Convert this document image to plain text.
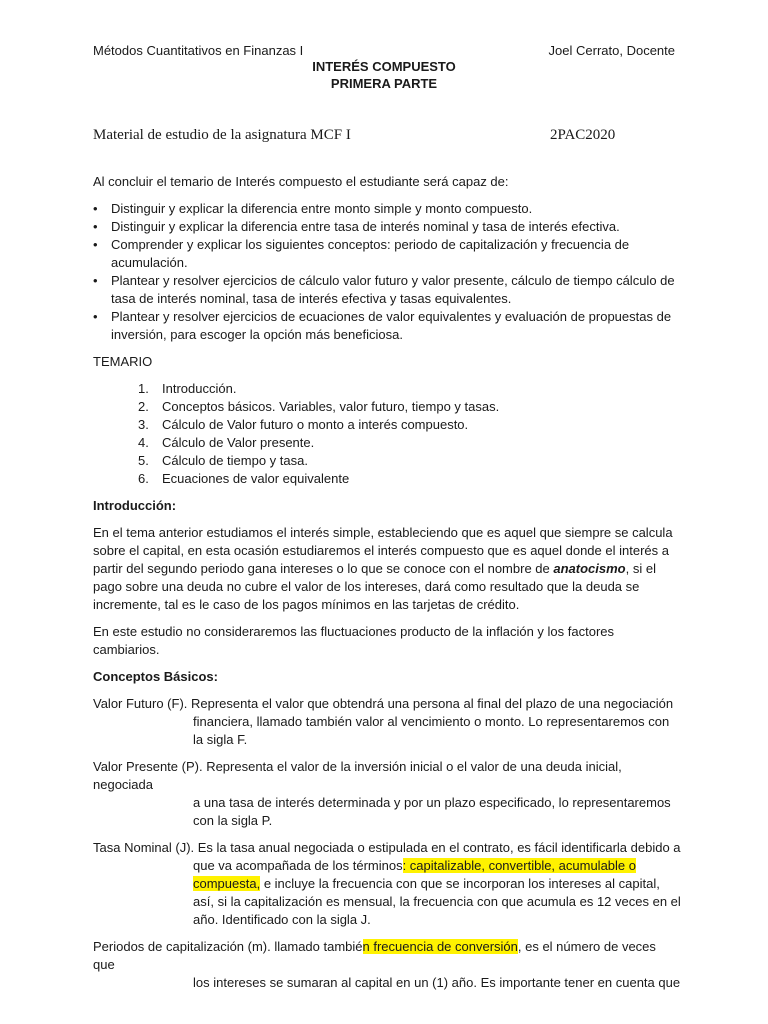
Métodos Cuantitativos en Finanzas I	Joel Cerrato, Docente
INTERÉS COMPUESTO
PRIMERA PARTE
Material de estudio de la asignatura MCF I	2PAC2020

Al concluir el temario de Interés compuesto el estudiante será capaz de:

• Distinguir y explicar la diferencia entre monto simple y monto compuesto.
• Distinguir y explicar la diferencia entre tasa de interés nominal y tasa de interés efectiva.
• Comprender y explicar los siguientes conceptos: periodo de capitalización y frecuencia de acumulación.
• Plantear y resolver ejercicios de cálculo valor futuro y valor presente, cálculo de tiempo cálculo de tasa de interés nominal, tasa de interés efectiva y tasas equivalentes.
• Plantear y resolver ejercicios de ecuaciones de valor equivalentes y evaluación de propuestas de inversión, para escoger la opción más beneficiosa.

TEMARIO

1.	Introducción.
2.	Conceptos básicos. Variables, valor futuro, tiempo y tasas.
3.	Cálculo de Valor futuro o monto a interés compuesto.
4.	Cálculo de Valor presente.
5.	Cálculo de tiempo y tasa.
6.	Ecuaciones de valor equivalente

Introducción:

En el tema anterior estudiamos el interés simple, estableciendo que es aquel que siempre se calcula sobre el capital, en esta ocasión estudiaremos el interés compuesto que es aquel donde el interés a partir del segundo periodo gana intereses o lo que se conoce con el nombre de anatocismo, si el pago sobre una deuda no cubre el valor de los intereses, dará como resultado que la deuda se incremente, tal es le caso de los pagos mínimos en las tarjetas de crédito.

En este estudio no consideraremos las fluctuaciones producto de la inflación y los factores cambiarios.

Conceptos Básicos:

Valor Futuro (F). Representa el valor que obtendrá una persona al final del plazo de una negociación
financiera, llamado también valor al vencimiento o monto. Lo representaremos con la sigla F.
Valor Presente (P). Representa el valor de la inversión inicial o el valor de una deuda inicial, negociada
a una tasa de interés determinada y por un plazo especificado, lo representaremos con la sigla P.
Tasa Nominal (J). Es la tasa anual negociada o estipulada en el contrato, es fácil identificarla debido a
que va acompañada de los términos: capitalizable, convertible, acumulable o compuesta, e incluye la frecuencia con que se incorporan los intereses al capital, así, si la capitalización es mensual, la frecuencia con que acumula es 12 veces en el año. Identificado con la sigla J.
Periodos de capitalización (m). llamado también frecuencia de conversión, es el número de veces que
los intereses se sumaran al capital en un (1) año. Es importante tener en cuenta que
